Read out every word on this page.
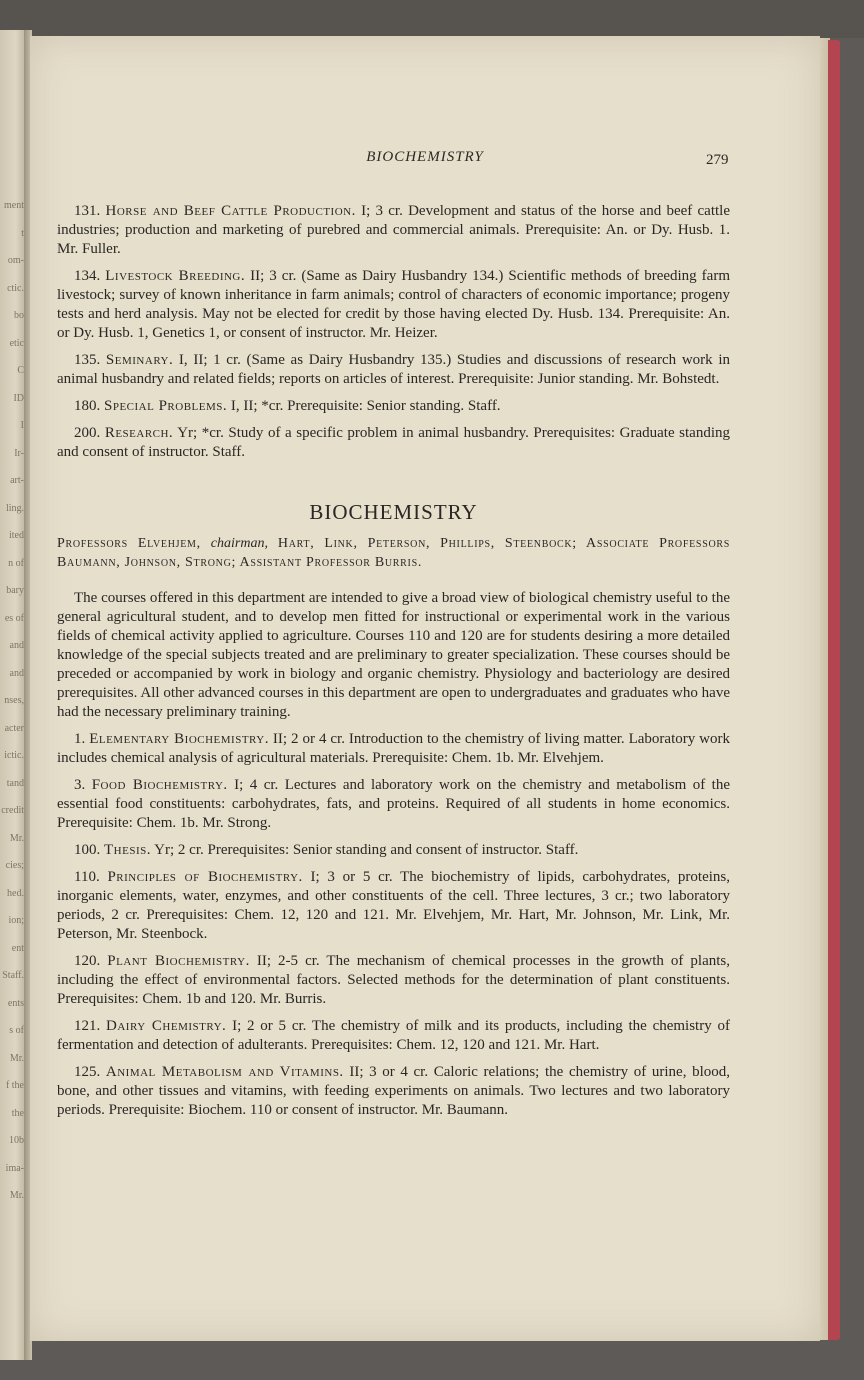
ment
t
om-
ctic.
bo
etic
C
ID
I
Ir-
art-
ling.
ited
n of
bary
es of
and
and
nses,
acter
ictic.
tand
credit
Mr.
cies;
hed.
ion;
ent
Staff.
ents
s of
Mr.
f the
the
10b
ima-
Mr.
BIOCHEMISTRY	279

131. Horse and Beef Cattle Production. I; 3 cr. Development and status of the horse and beef cattle industries; production and marketing of purebred and commercial animals. Prerequisite: An. or Dy. Husb. 1. Mr. Fuller.

134. Livestock Breeding. II; 3 cr. (Same as Dairy Husbandry 134.) Scientific methods of breeding farm livestock; survey of known inheritance in farm animals; control of characters of economic importance; progeny tests and herd analysis. May not be elected for credit by those having elected Dy. Husb. 134. Prerequisite: An. or Dy. Husb. 1, Genetics 1, or consent of instructor. Mr. Heizer.

135. Seminary. I, II; 1 cr. (Same as Dairy Husbandry 135.) Studies and discussions of research work in animal husbandry and related fields; reports on articles of interest. Prerequisite: Junior standing. Mr. Bohstedt.

180. Special Problems. I, II; *cr. Prerequisite: Senior standing. Staff.

200. Research. Yr; *cr. Study of a specific problem in animal husbandry. Prerequisites: Graduate standing and consent of instructor. Staff.

BIOCHEMISTRY

Professors Elvehjem, chairman, Hart, Link, Peterson, Phillips, Steenbock; Associate Professors Baumann, Johnson, Strong; Assistant Professor Burris.

The courses offered in this department are intended to give a broad view of biological chemistry useful to the general agricultural student, and to develop men fitted for instructional or experimental work in the various fields of chemical activity applied to agriculture. Courses 110 and 120 are for students desiring a more detailed knowledge of the special subjects treated and are preliminary to greater specialization. These courses should be preceded or accompanied by work in biology and organic chemistry. Physiology and bacteriology are desired prerequisites. All other advanced courses in this department are open to undergraduates and graduates who have had the necessary preliminary training.

1. Elementary Biochemistry. II; 2 or 4 cr. Introduction to the chemistry of living matter. Laboratory work includes chemical analysis of agricultural materials. Prerequisite: Chem. 1b. Mr. Elvehjem.

3. Food Biochemistry. I; 4 cr. Lectures and laboratory work on the chemistry and metabolism of the essential food constituents: carbohydrates, fats, and proteins. Required of all students in home economics. Prerequisite: Chem. 1b. Mr. Strong.

100. Thesis. Yr; 2 cr. Prerequisites: Senior standing and consent of instructor. Staff.

110. Principles of Biochemistry. I; 3 or 5 cr. The biochemistry of lipids, carbohydrates, proteins, inorganic elements, water, enzymes, and other constituents of the cell. Three lectures, 3 cr.; two laboratory periods, 2 cr. Prerequisites: Chem. 12, 120 and 121. Mr. Elvehjem, Mr. Hart, Mr. Johnson, Mr. Link, Mr. Peterson, Mr. Steenbock.

120. Plant Biochemistry. II; 2-5 cr. The mechanism of chemical processes in the growth of plants, including the effect of environmental factors. Selected methods for the determination of plant constituents. Prerequisites: Chem. 1b and 120. Mr. Burris.

121. Dairy Chemistry. I; 2 or 5 cr. The chemistry of milk and its products, including the chemistry of fermentation and detection of adulterants. Prerequisites: Chem. 12, 120 and 121. Mr. Hart.

125. Animal Metabolism and Vitamins. II; 3 or 4 cr. Caloric relations; the chemistry of urine, blood, bone, and other tissues and vitamins, with feeding experiments on animals. Two lectures and two laboratory periods. Prerequisite: Biochem. 110 or consent of instructor. Mr. Baumann.
